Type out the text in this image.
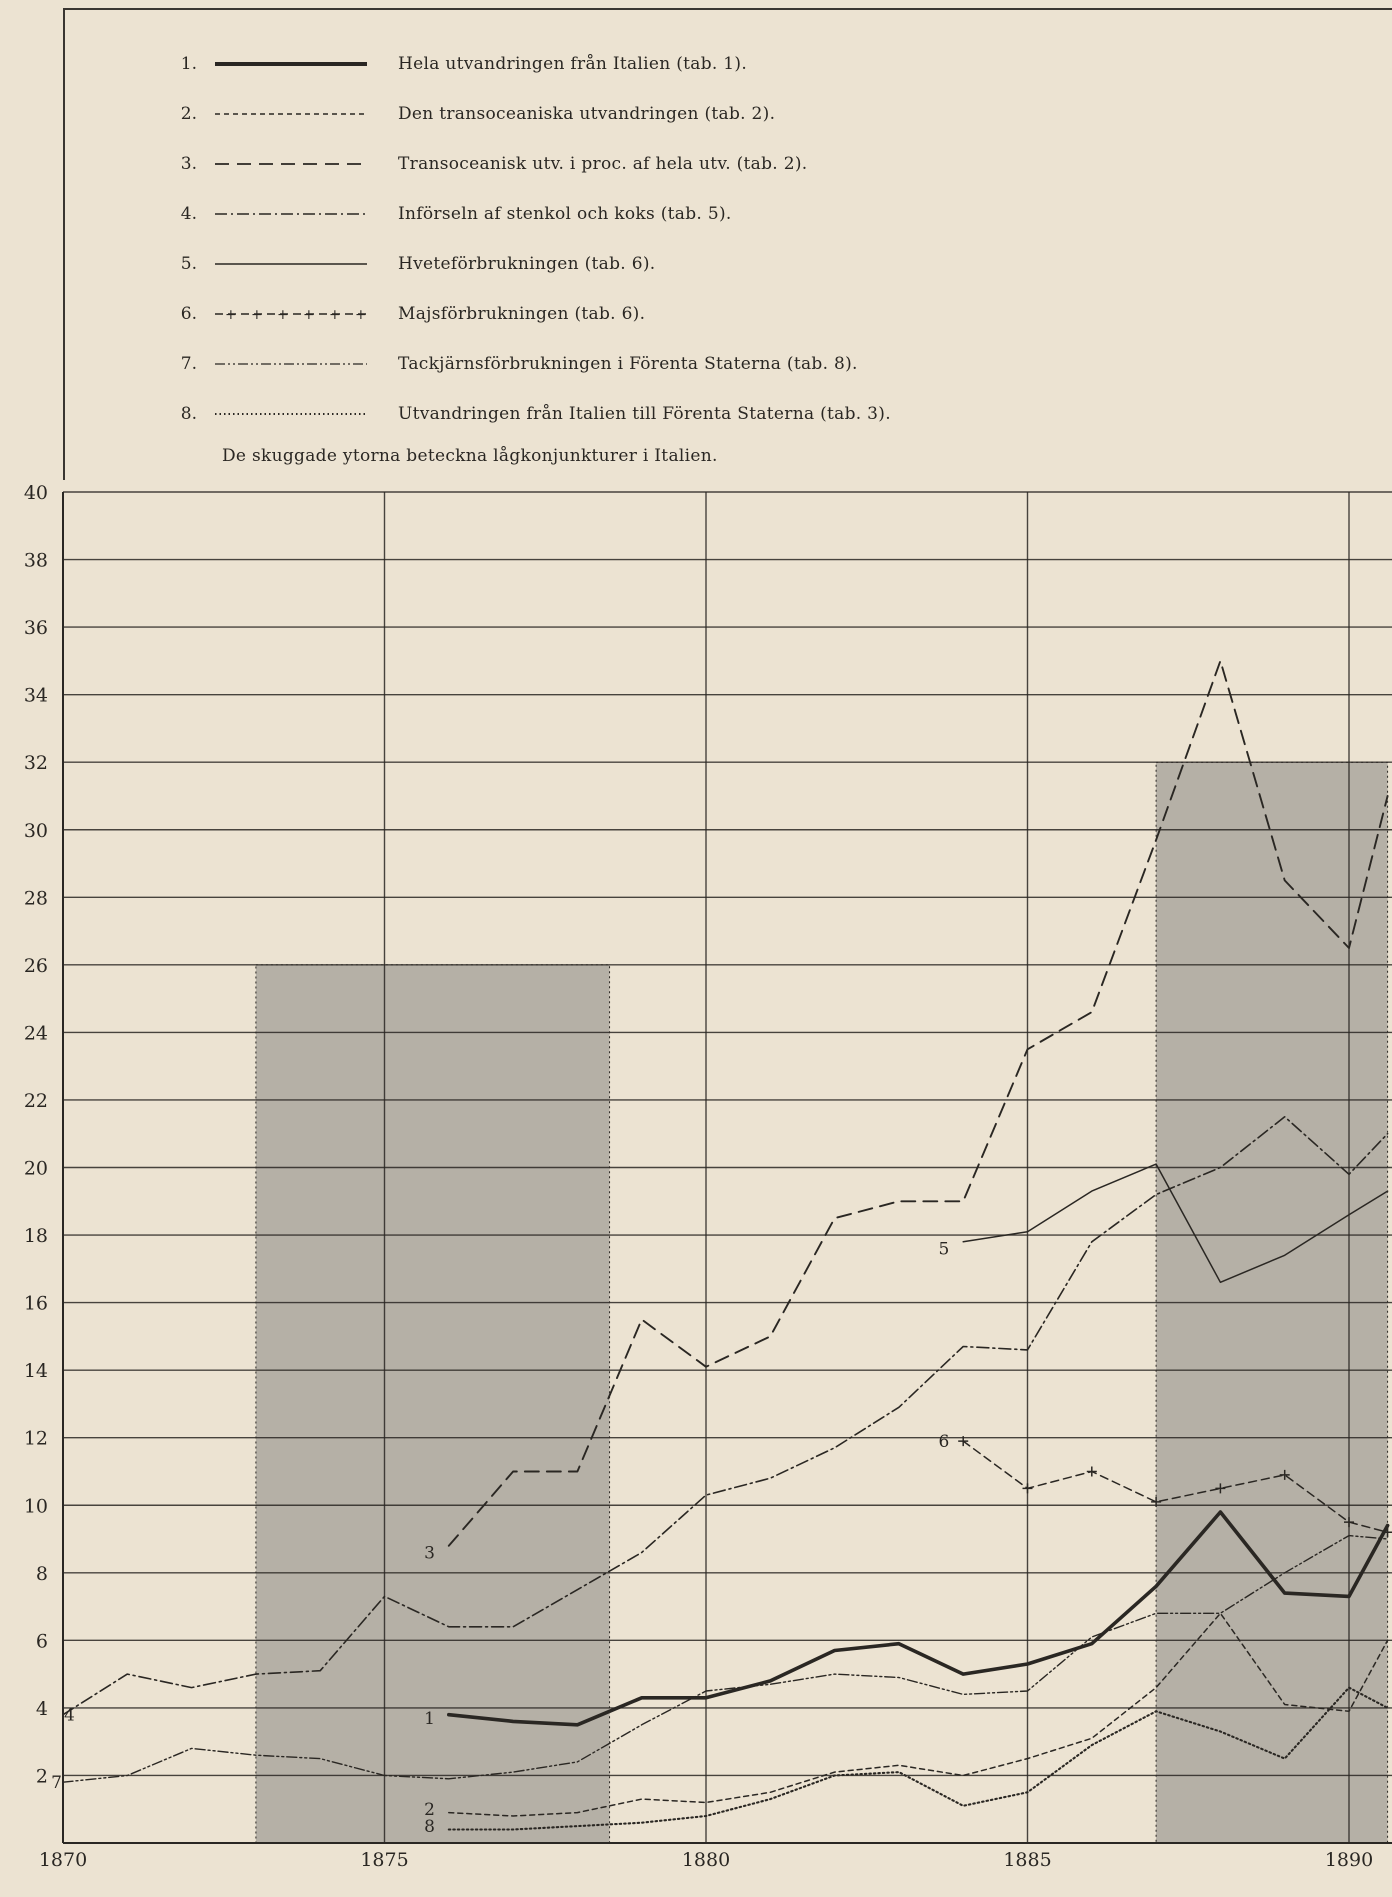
1.	Hela utvandringen från Italien (tab. 1).
2.	Den transoceaniska utvandringen (tab. 2).
3.	Transoceanisk utv. i proc. af hela utv. (tab. 2).
4.	Införseln af stenkol och koks (tab. 5).
5.	Hveteförbrukningen (tab. 6).
6. + + + + + + Majsförbrukningen (tab. 6).
7.	Tackjärnsförbrukningen i Förenta Staterna (tab. 8).
8.	Utvandringen från Italien till Förenta Staterna (tab. 3).
De skuggade ytorna beteckna lågkonjunkturer i Italien.
2
4
6
8
10
12
14
16
18
20
22
24
26
28
30
32
34
36
38
40
1870	1875	1880	1885	1890
1
2
3
4
5
6
7
8
